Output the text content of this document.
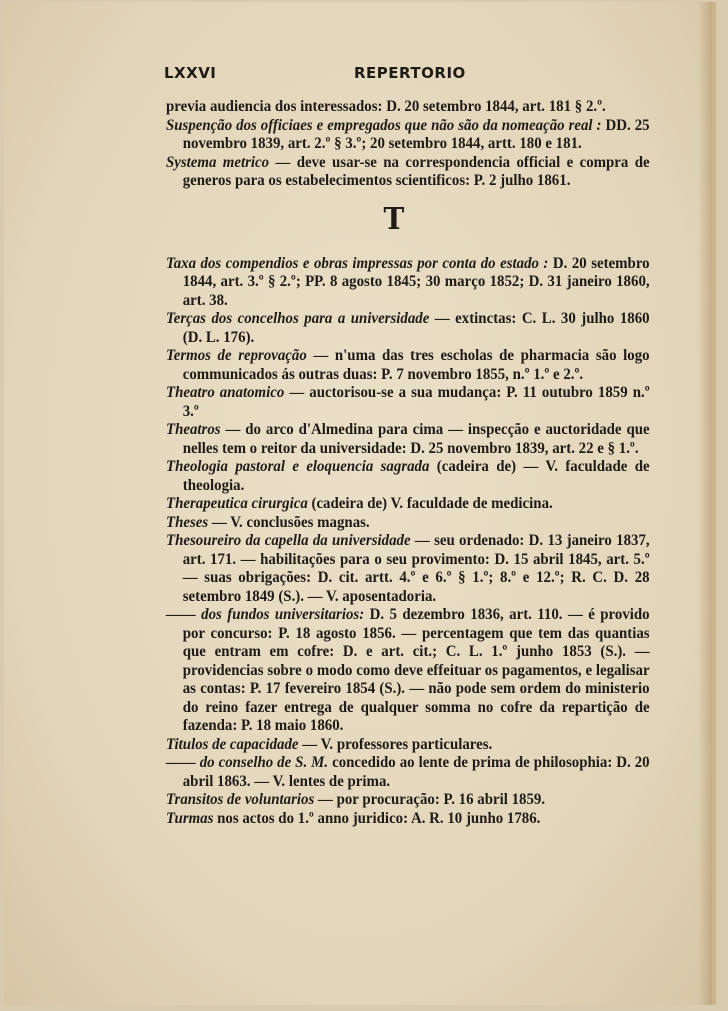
LXXVI	REPERTORIO

previa audiencia dos interessados: D. 20 setembro 1844, art. 181 § 2.º.

Suspenção dos officiaes e empregados que não são da nomeação real : DD. 25 novembro 1839, art. 2.º § 3.º; 20 setembro 1844, artt. 180 e 181.

Systema metrico — deve usar-se na correspondencia official e compra de generos para os estabelecimentos scientificos: P. 2 julho 1861.

T

Taxa dos compendios e obras impressas por conta do estado : D. 20 setembro 1844, art. 3.º § 2.º; PP. 8 agosto 1845; 30 março 1852; D. 31 janeiro 1860, art. 38.

Terças dos concelhos para a universidade — extinctas: C. L. 30 julho 1860 (D. L. 176).

Termos de reprovação — n'uma das tres escholas de pharmacia são logo communicados ás outras duas: P. 7 novembro 1855, n.º 1.º e 2.º.

Theatro anatomico — auctorisou-se a sua mudança: P. 11 outubro 1859 n.º 3.º

Theatros — do arco d'Almedina para cima — inspecção e auctoridade que nelles tem o reitor da universidade: D. 25 novembro 1839, art. 22 e § 1.º.

Theologia pastoral e eloquencia sagrada (cadeira de) — V. faculdade de theologia.

Therapeutica cirurgica (cadeira de) V. faculdade de medicina.

Theses — V. conclusões magnas.

Thesoureiro da capella da universidade — seu ordenado: D. 13 janeiro 1837, art. 171. — habilitações para o seu provimento: D. 15 abril 1845, art. 5.º — suas obrigações: D. cit. artt. 4.º e 6.º § 1.º; 8.º e 12.º; R. C. D. 28 setembro 1849 (S.). — V. aposentadoria.

—— dos fundos universitarios: D. 5 dezembro 1836, art. 110. — é provido por concurso: P. 18 agosto 1856. — percentagem que tem das quantias que entram em cofre: D. e art. cit.; C. L. 1.º junho 1853 (S.). — providencias sobre o modo como deve effeituar os pagamentos, e legalisar as contas: P. 17 fevereiro 1854 (S.). — não pode sem ordem do ministerio do reino fazer entrega de qualquer somma no cofre da repartição de fazenda: P. 18 maio 1860.

Titulos de capacidade — V. professores particulares.

—— do conselho de S. M. concedido ao lente de prima de philosophia: D. 20 abril 1863. — V. lentes de prima.

Transitos de voluntarios — por procuração: P. 16 abril 1859.

Turmas nos actos do 1.º anno juridico: A. R. 10 junho 1786.
